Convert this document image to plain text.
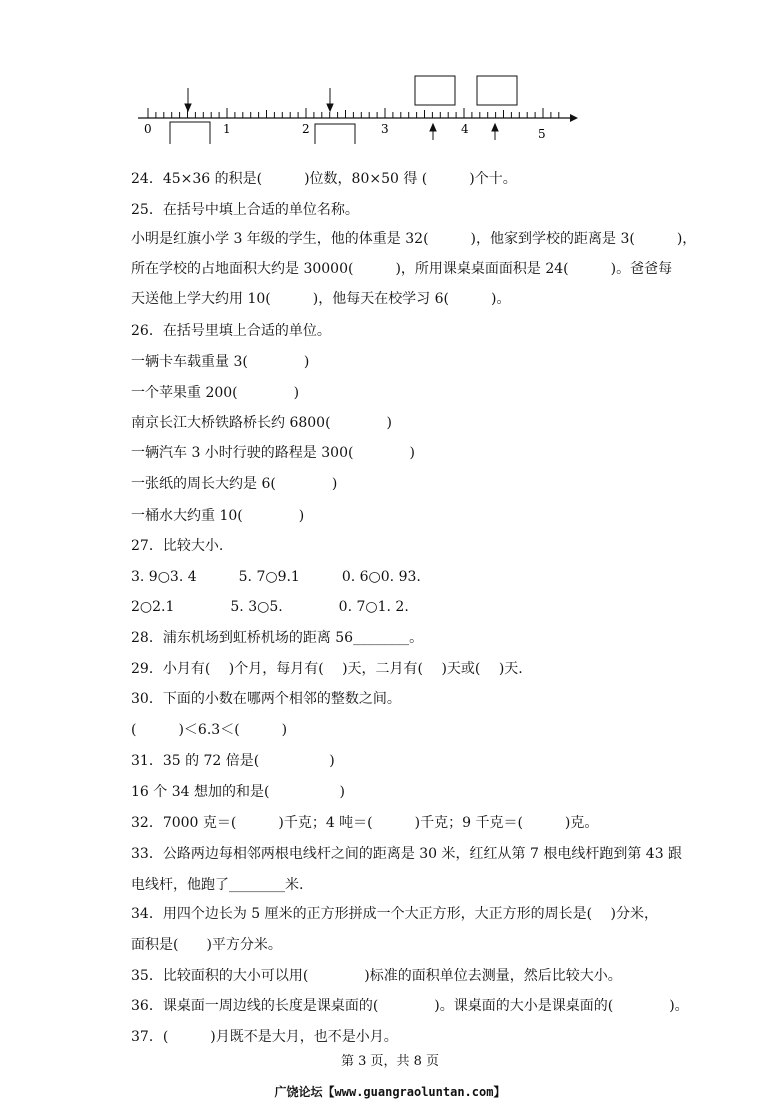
0	1	2	3	4	5
24．45×36 的积是(　　　)位数，80×50 得 (　　　)个十。
25．在括号中填上合适的单位名称。
小明是红旗小学 3 年级的学生，他的体重是 32(　　　)，他家到学校的距离是 3(　　　)，
所在学校的占地面积大约是 30000(　　　)，所用课桌桌面面积是 24(　　　)。爸爸每
天送他上学大约用 10(　　　)，他每天在校学习 6(　　　)。
26．在括号里填上合适的单位。
一辆卡车载重量 3(　　　　)
一个苹果重 200(　　　　)
南京长江大桥铁路桥长约 6800(　　　　)
一辆汽车 3 小时行驶的路程是 300(　　　　)
一张纸的周长大约是 6(　　　　)
一桶水大约重 10(　　　　)
27．比较大小.
3. 9○3. 4　　　5. 7○9.1　　　0. 6○0. 93.
2○2.1　　　　5. 3○5.　　　　0. 7○1. 2.
28．浦东机场到虹桥机场的距离 56________。
29．小月有(　 )个月，每月有(　 )天，二月有(　 )天或(　 )天.
30．下面的小数在哪两个相邻的整数之间。
(　　　)＜6.3＜(　　　)
31．35 的 72 倍是(　　　　　)
16 个 34 想加的和是(　　　　　)
32．7000 克＝(　　　)千克；4 吨＝(　　　)千克；9 千克＝(　　　)克。
33．公路两边每相邻两根电线杆之间的距离是 30 米，红红从第 7 根电线杆跑到第 43 跟
电线杆，他跑了________米.
34．用四个边长为 5 厘米的正方形拼成一个大正方形，大正方形的周长是(　 )分米，
面积是(　　)平方分米。
35．比较面积的大小可以用(　　　　)标准的面积单位去测量，然后比较大小。
36．课桌面一周边线的长度是课桌面的(　　　　)。课桌面的大小是课桌面的(　　　　)。
37．(　　　)月既不是大月，也不是小月。
第 3 页，共 8 页
广饶论坛【www.guangraoluntan.com】
